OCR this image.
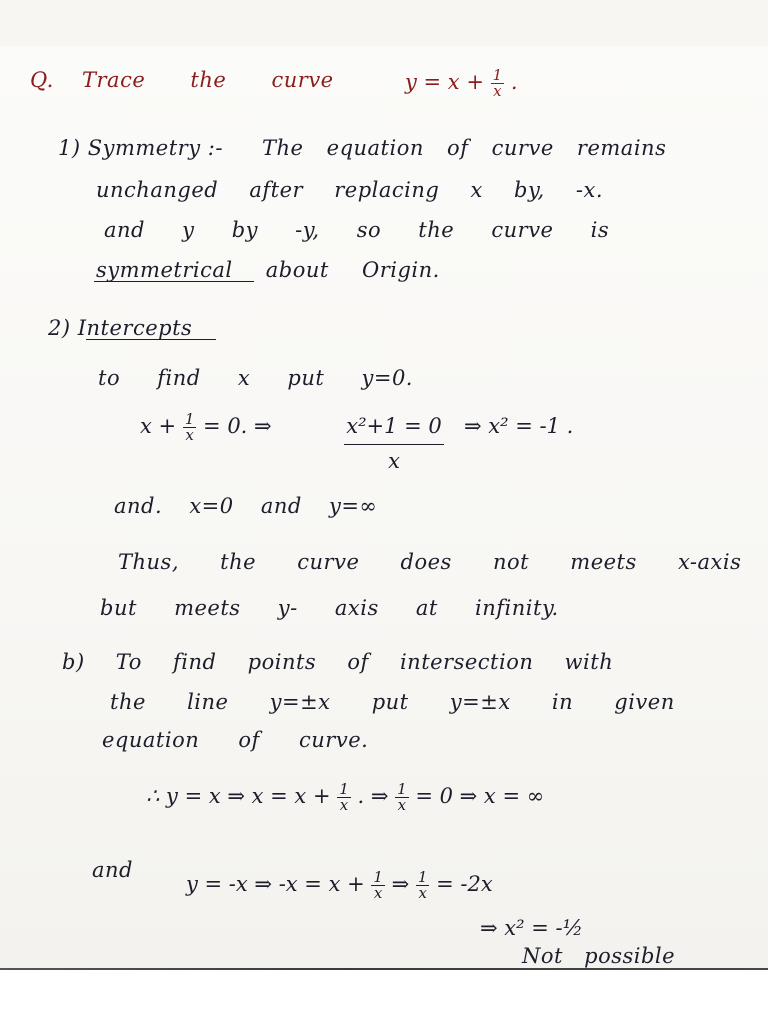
Q. Trace the curve	$y = x + \frac{1}{x}$ .
1) Symmetry :- The equation of curve remains
unchanged after replacing x by, -x.
and y by -y, so the curve is
symmetrical about Origin.
2) Intercepts
to find x put y=0.
$x + \frac{1}{x} = 0$. ⇒	x²+1 = 0
x
⇒ x² = -1 .
and. x=0 and y=∞
Thus, the curve does not meets x-axis
but meets y- axis at infinity.
b) To find points of intersection with
the line y=±x put y=±x in given
equation of curve.
∴ y = x ⇒ $x = x + \frac{1}{x}$ . ⇒ $\frac{1}{x} = 0$ ⇒ x = ∞
and
y = -x ⇒ $-x = x + \frac{1}{x}$ ⇒ $\frac{1}{x} = -2x$
⇒ x² = -½
Not possible
